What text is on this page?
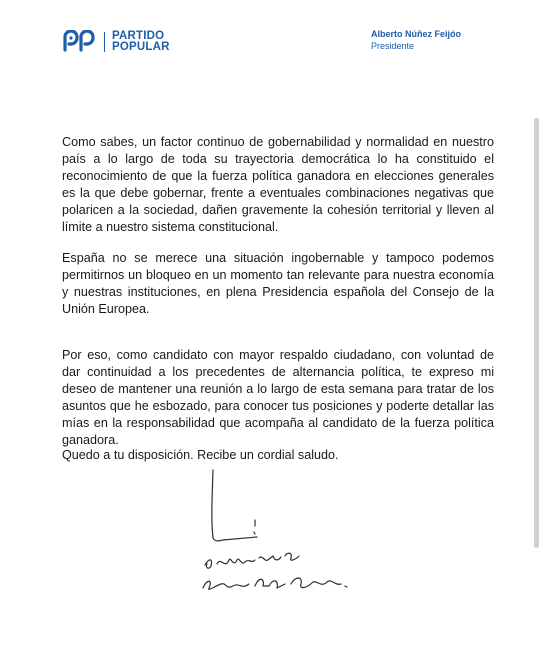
PARTIDO
POPULAR
Alberto Núñez Feijóo
Presidente

Como sabes, un factor continuo de gobernabilidad y normalidad en nuestro país a lo largo de toda su trayectoria democrática lo ha constituido el reconocimiento de que la fuerza política ganadora en elecciones generales es la que debe gobernar, frente a eventuales combinaciones negativas que polaricen a la sociedad, dañen gravemente la cohesión territorial y lleven al límite a nuestro sistema constitucional.

España no se merece una situación ingobernable y tampoco podemos permitirnos un bloqueo en un momento tan relevante para nuestra economía y nuestras instituciones, en plena Presidencia española del Consejo de la Unión Europea.

Por eso, como candidato con mayor respaldo ciudadano, con voluntad de dar continuidad a los precedentes de alternancia política, te expreso mi deseo de mantener una reunión a lo largo de esta semana para tratar de los asuntos que he esbozado, para conocer tus posiciones y poderte detallar las mías en la responsabilidad que acompaña al candidato de la fuerza política ganadora.

Quedo a tu disposición. Recibe un cordial saludo.
